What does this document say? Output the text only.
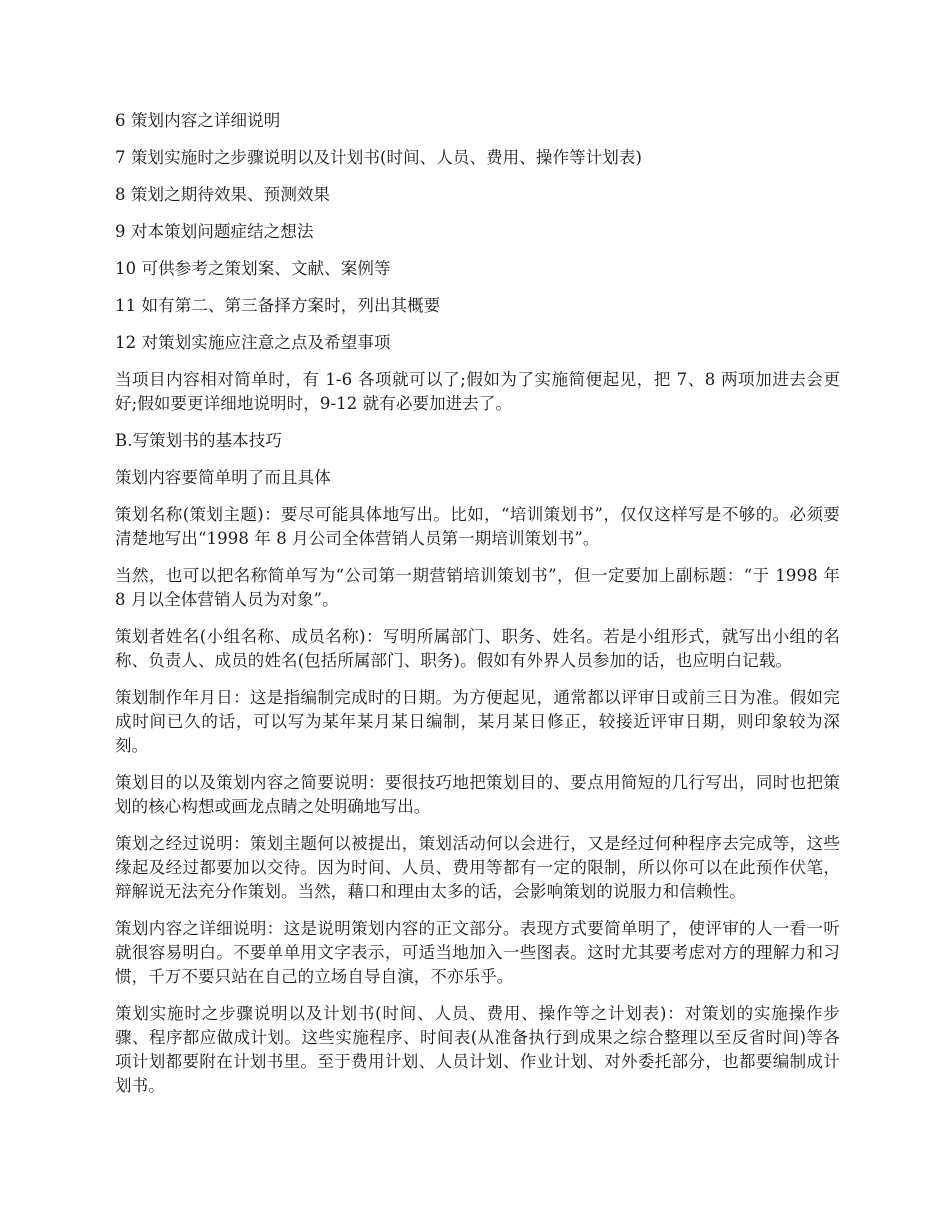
6 策划内容之详细说明

7 策划实施时之步骤说明以及计划书(时间、人员、费用、操作等计划表)

8 策划之期待效果、预测效果

9 对本策划问题症结之想法

10 可供参考之策划案、文献、案例等

11 如有第二、第三备择方案时，列出其概要

12 对策划实施应注意之点及希望事项

当项目内容相对简单时，有 1-6 各项就可以了;假如为了实施简便起见，把 7、8 两项加进去会更好;假如要更详细地说明时，9-12 就有必要加进去了。

B.写策划书的基本技巧

策划内容要简单明了而且具体

策划名称(策划主题)：要尽可能具体地写出。比如，“培训策划书”，仅仅这样写是不够的。必须要清楚地写出“1998 年 8 月公司全体营销人员第一期培训策划书”。

当然，也可以把名称简单写为“公司第一期营销培训策划书”，但一定要加上副标题：“于 1998 年 8 月以全体营销人员为对象”。

策划者姓名(小组名称、成员名称)：写明所属部门、职务、姓名。若是小组形式，就写出小组的名称、负责人、成员的姓名(包括所属部门、职务)。假如有外界人员参加的话，也应明白记载。

策划制作年月日：这是指编制完成时的日期。为方便起见，通常都以评审日或前三日为准。假如完成时间已久的话，可以写为某年某月某日编制，某月某日修正，较接近评审日期，则印象较为深刻。

策划目的以及策划内容之简要说明：要很技巧地把策划目的、要点用简短的几行写出，同时也把策划的核心构想或画龙点睛之处明确地写出。

策划之经过说明：策划主题何以被提出，策划活动何以会进行，又是经过何种程序去完成等，这些缘起及经过都要加以交待。因为时间、人员、费用等都有一定的限制，所以你可以在此预作伏笔，辩解说无法充分作策划。当然，藉口和理由太多的话，会影响策划的说服力和信赖性。

策划内容之详细说明：这是说明策划内容的正文部分。表现方式要简单明了，使评审的人一看一听就很容易明白。不要单单用文字表示，可适当地加入一些图表。这时尤其要考虑对方的理解力和习惯，千万不要只站在自己的立场自导自演，不亦乐乎。

策划实施时之步骤说明以及计划书(时间、人员、费用、操作等之计划表)：对策划的实施操作步骤、程序都应做成计划。这些实施程序、时间表(从准备执行到成果之综合整理以至反省时间)等各项计划都要附在计划书里。至于费用计划、人员计划、作业计划、对外委托部分，也都要编制成计划书。
